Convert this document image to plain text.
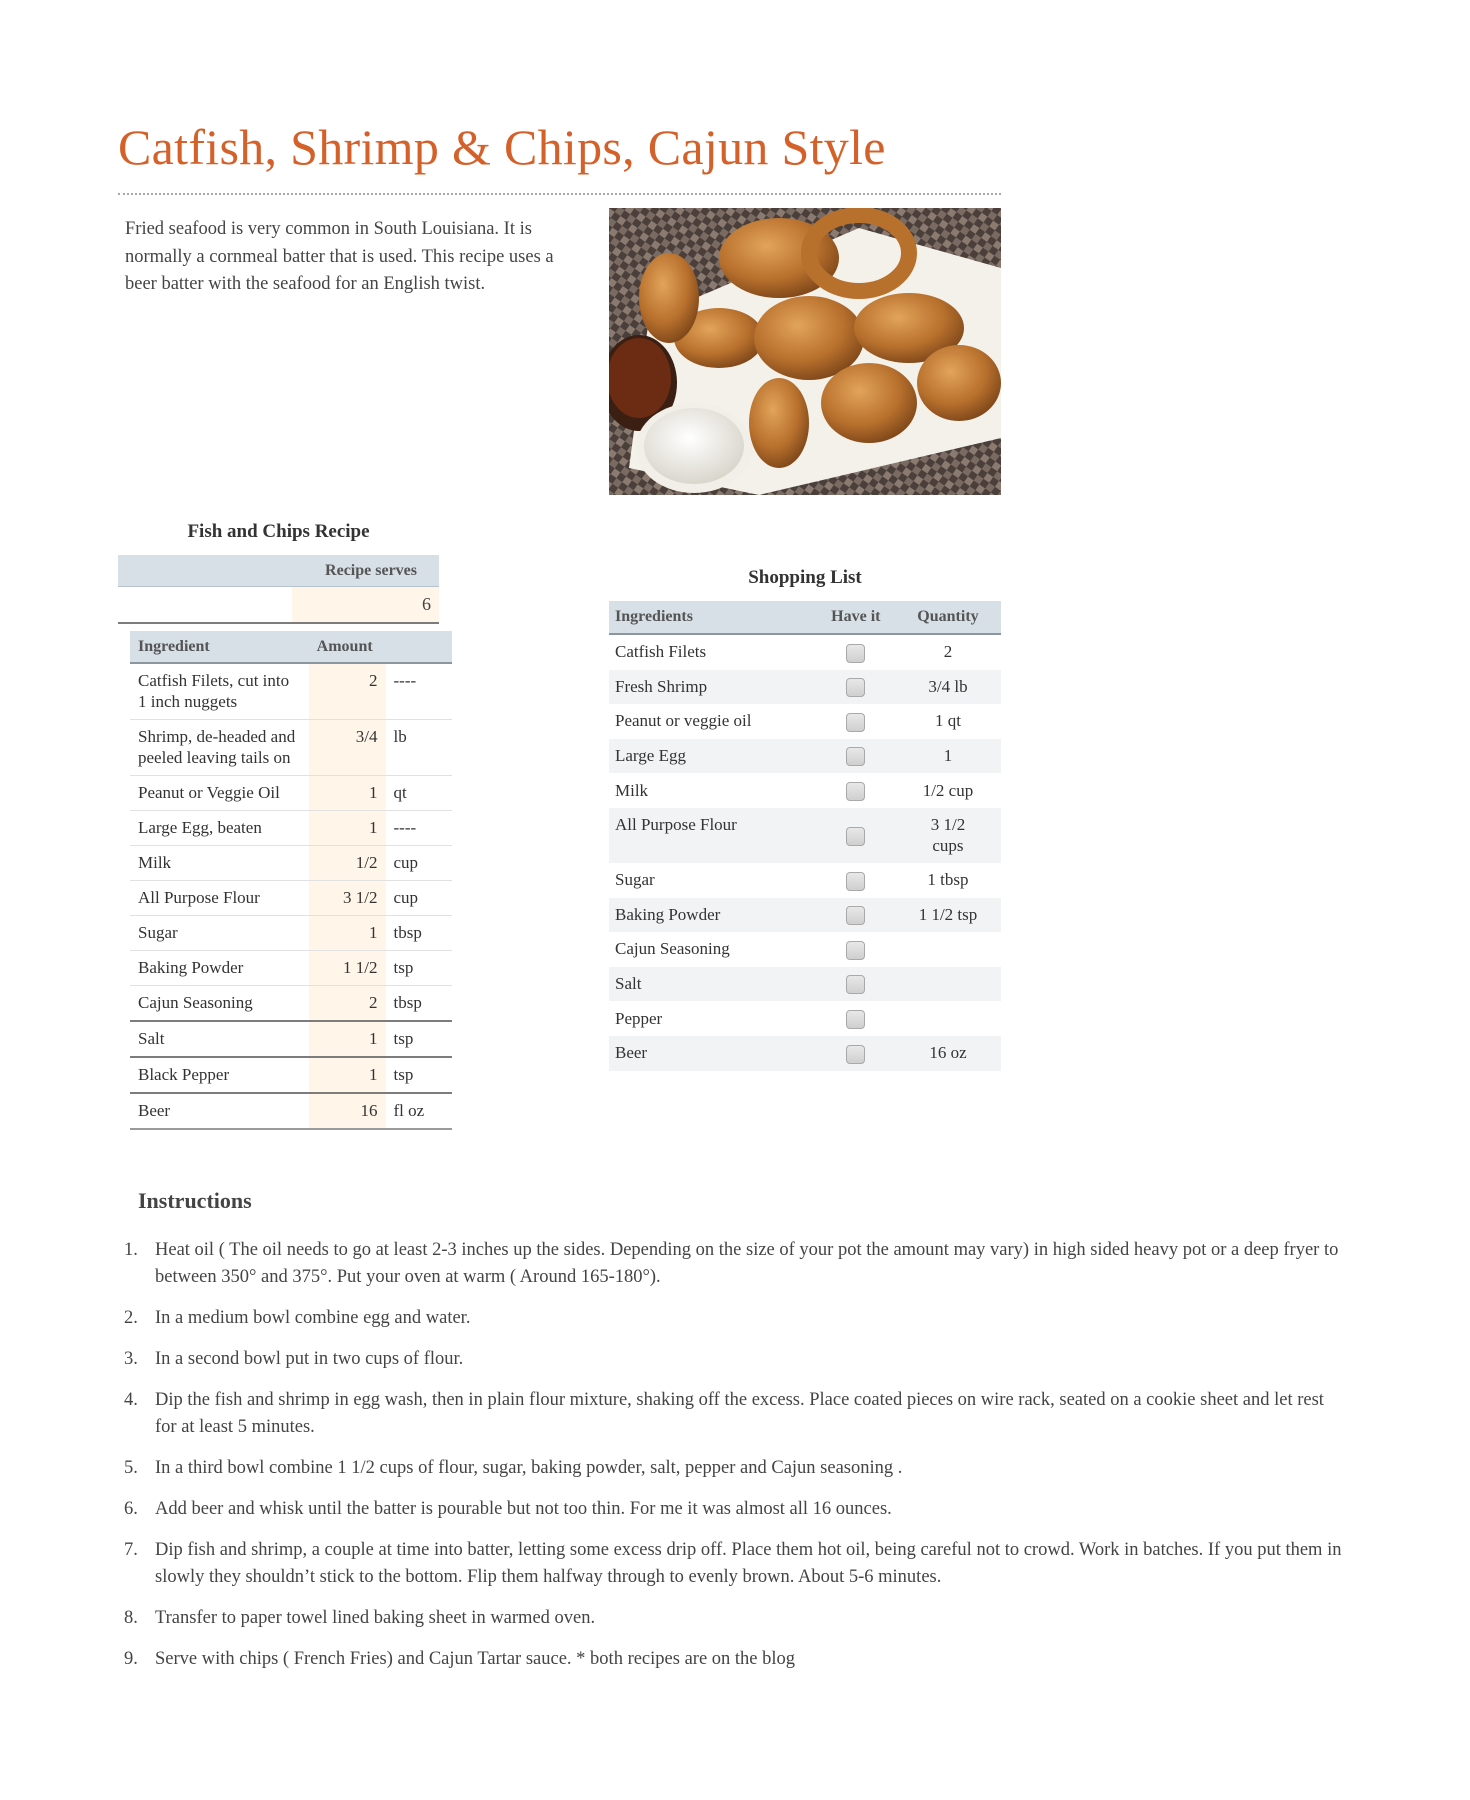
Catfish, Shrimp & Chips, Cajun Style

Fried seafood is very common in South Louisiana. It is normally a cornmeal batter that is used. This recipe uses a beer batter with the seafood for an English twist.

Fish and Chips Recipe
Recipe serves
6
Ingredient	Amount	
Catfish Filets, cut into 1 inch nuggets	2	----
Shrimp, de-headed and peeled leaving tails on	3/4	lb
Peanut or Veggie Oil	1	qt
Large Egg, beaten	1	----
Milk	1/2	cup
All Purpose Flour	3 1/2	cup
Sugar	1	tbsp
Baking Powder	1 1/2	tsp
Cajun Seasoning	2	tbsp
Salt	1	tsp
Black Pepper	1	tsp
Beer	16	fl oz
Shopping List
Ingredients	Have it	Quantity
Catfish Filets		2
Fresh Shrimp		3/4 lb
Peanut or veggie oil		1 qt
Large Egg		1
Milk		1/2 cup
All Purpose Flour		3 1/2 cups
Sugar		1 tbsp
Baking Powder		1 1/2 tsp
Cajun Seasoning		
Salt		
Pepper		
Beer		16 oz
Instructions
1. Heat oil ( The oil needs to go at least 2-3 inches up the sides. Depending on the size of your pot the amount may vary) in high sided heavy pot or a deep fryer to between 350° and 375°. Put your oven at warm ( Around 165-180°).
2. In a medium bowl combine egg and water.
3. In a second bowl put in two cups of flour.
4. Dip the fish and shrimp in egg wash, then in plain flour mixture, shaking off the excess. Place coated pieces on wire rack, seated on a cookie sheet and let rest for at least 5 minutes.
5. In a third bowl combine 1 1/2 cups of flour, sugar, baking powder, salt, pepper and Cajun seasoning .
6. Add beer and whisk until the batter is pourable but not too thin. For me it was almost all 16 ounces.
7. Dip fish and shrimp, a couple at time into batter, letting some excess drip off. Place them hot oil, being careful not to crowd. Work in batches. If you put them in slowly they shouldn’t stick to the bottom. Flip them halfway through to evenly brown. About 5-6 minutes.
8. Transfer to paper towel lined baking sheet in warmed oven.
9. Serve with chips ( French Fries) and Cajun Tartar sauce. * both recipes are on the blog
